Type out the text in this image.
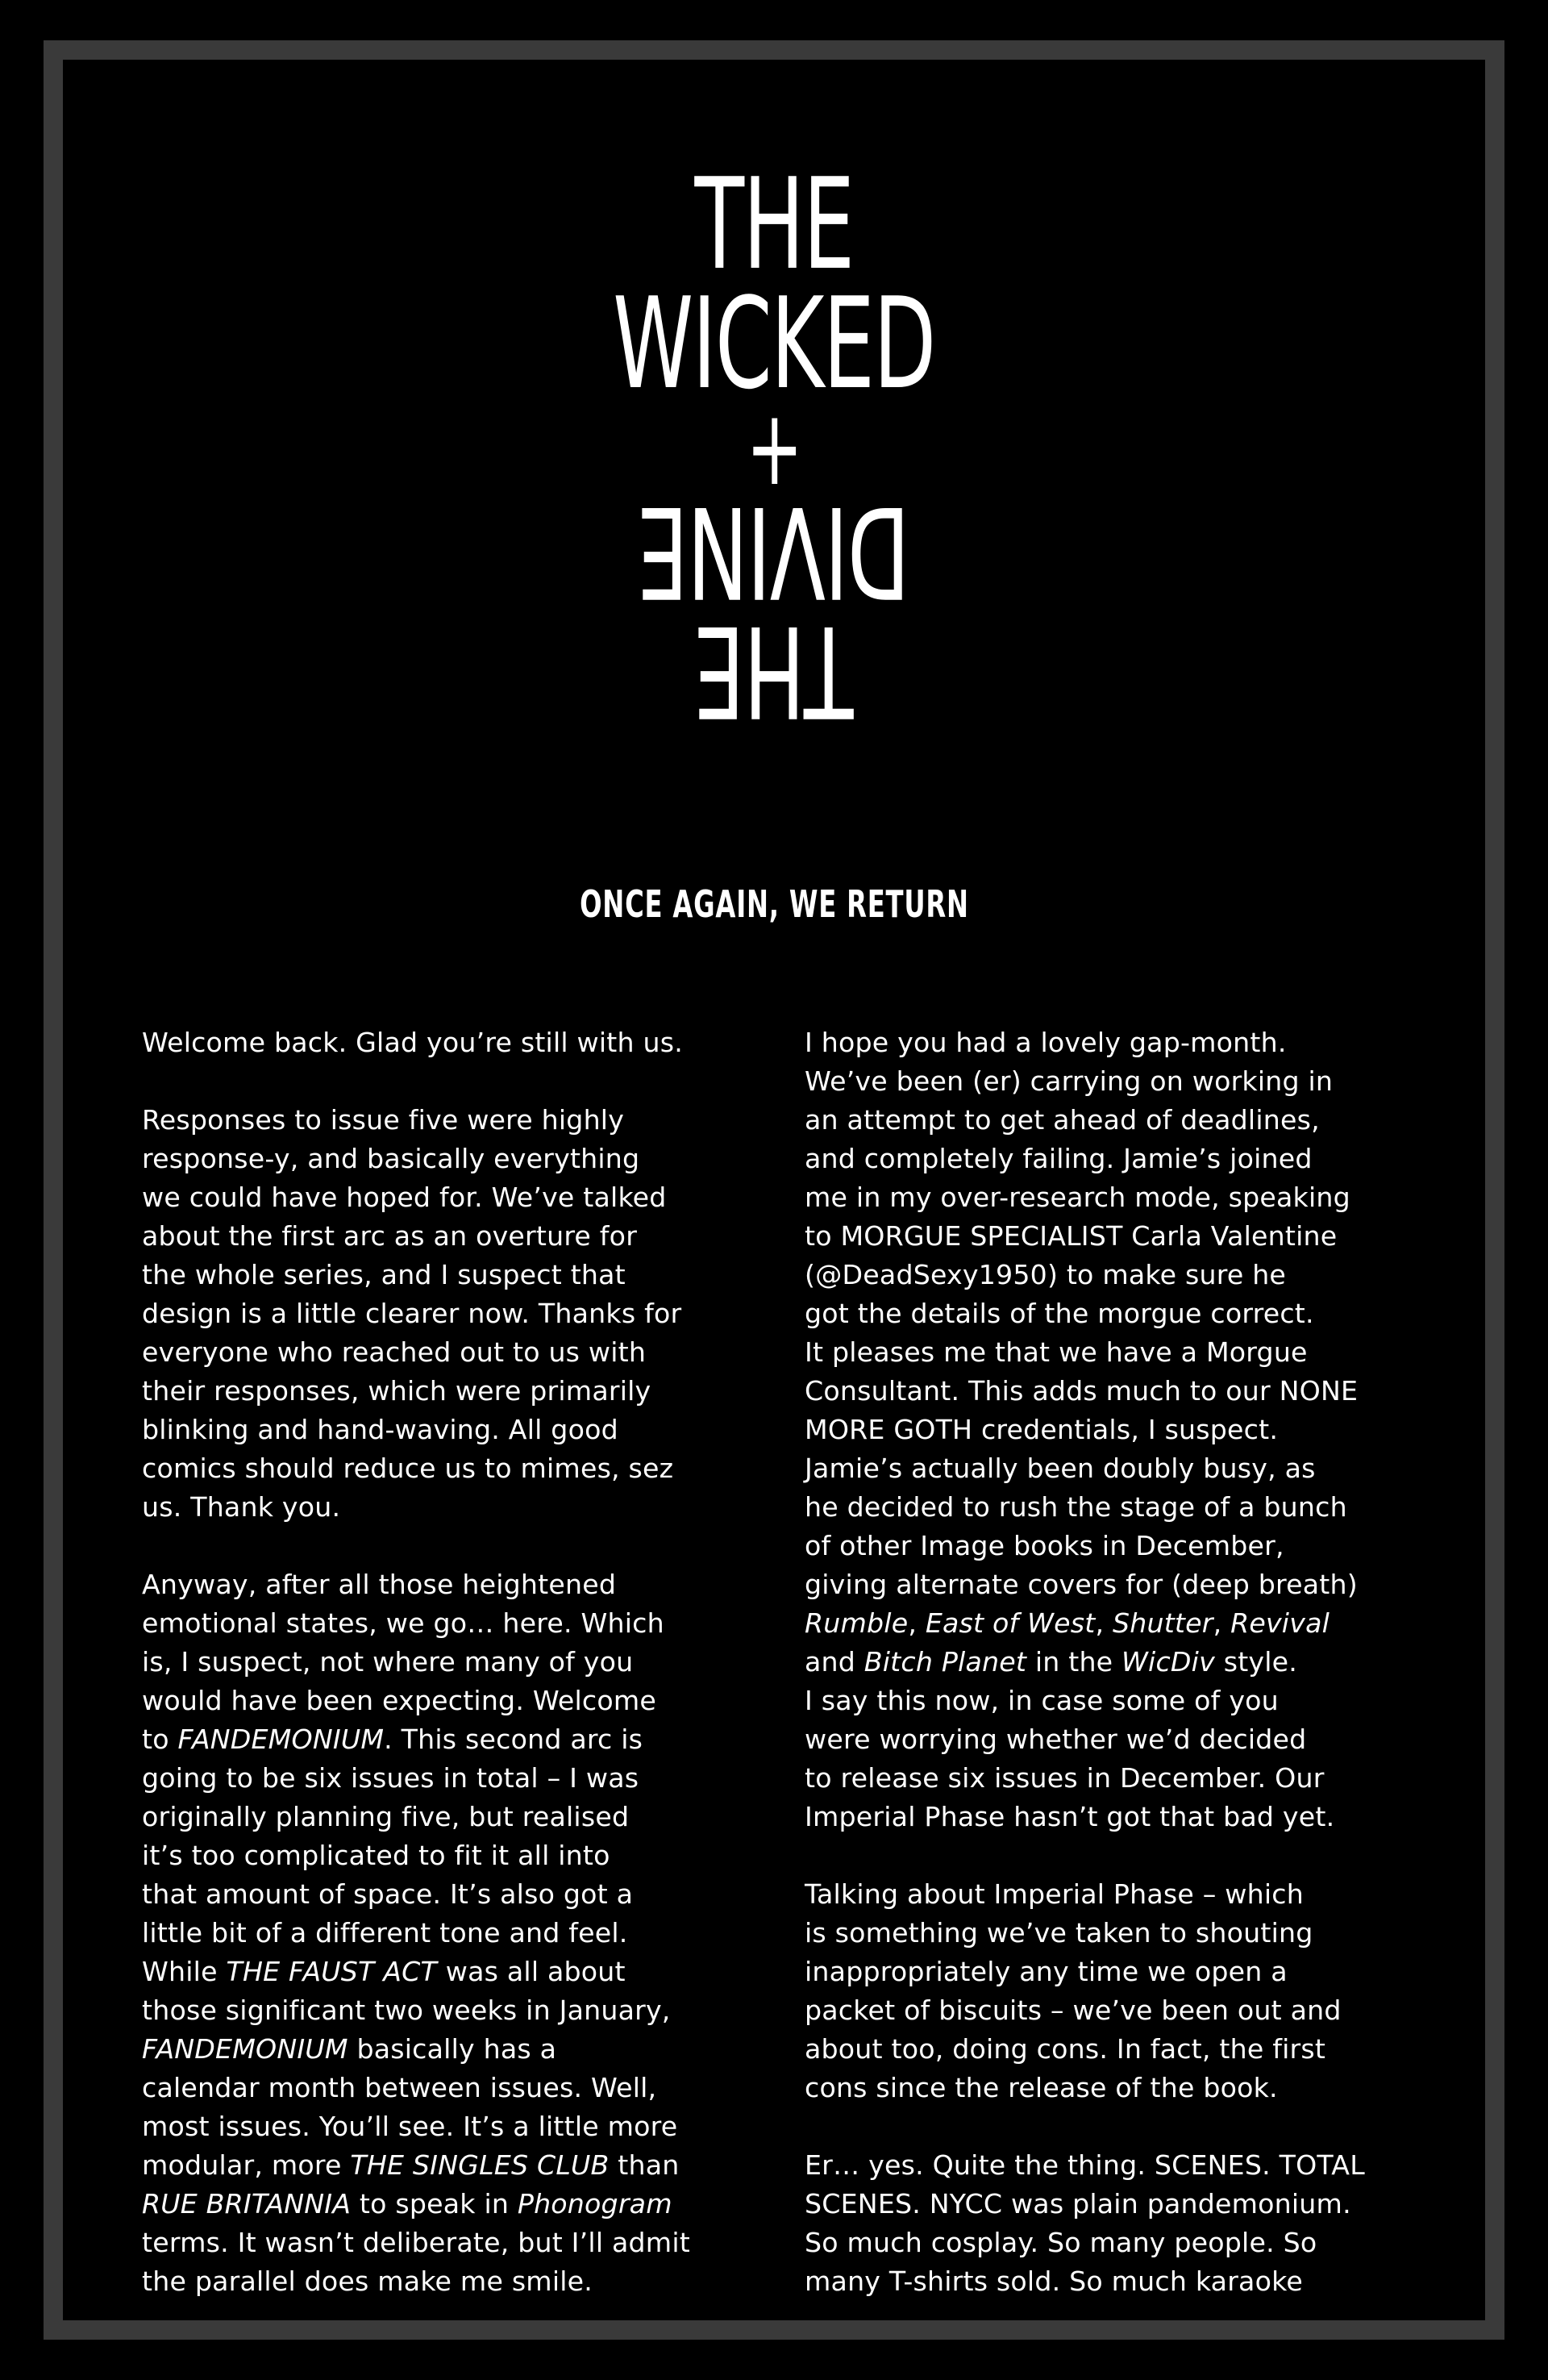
THE
WICKED
+
DIVINE
THE
ONCE AGAIN, WE RETURN

Welcome back. Glad you’re still with us.

Responses to issue five were highly
response-y, and basically everything
we could have hoped for. We’ve talked
about the first arc as an overture for
the whole series, and I suspect that
design is a little clearer now. Thanks for
everyone who reached out to us with
their responses, which were primarily
blinking and hand-waving. All good
comics should reduce us to mimes, sez
us. Thank you.

Anyway, after all those heightened
emotional states, we go… here. Which
is, I suspect, not where many of you
would have been expecting. Welcome
to FANDEMONIUM. This second arc is
going to be six issues in total – I was
originally planning five, but realised
it’s too complicated to fit it all into
that amount of space. It’s also got a
little bit of a different tone and feel.
While THE FAUST ACT was all about
those significant two weeks in January,
FANDEMONIUM basically has a
calendar month between issues. Well,
most issues. You’ll see. It’s a little more
modular, more THE SINGLES CLUB than
RUE BRITANNIA to speak in Phonogram
terms. It wasn’t deliberate, but I’ll admit
the parallel does make me smile.

I hope you had a lovely gap-month.
We’ve been (er) carrying on working in
an attempt to get ahead of deadlines,
and completely failing. Jamie’s joined
me in my over-research mode, speaking
to MORGUE SPECIALIST Carla Valentine
(@DeadSexy1950) to make sure he
got the details of the morgue correct.
It pleases me that we have a Morgue
Consultant. This adds much to our NONE
MORE GOTH credentials, I suspect.
Jamie’s actually been doubly busy, as
he decided to rush the stage of a bunch
of other Image books in December,
giving alternate covers for (deep breath)
Rumble, East of West, Shutter, Revival
and Bitch Planet in the WicDiv style.
I say this now, in case some of you
were worrying whether we’d decided
to release six issues in December. Our
Imperial Phase hasn’t got that bad yet.

Talking about Imperial Phase – which
is something we’ve taken to shouting
inappropriately any time we open a
packet of biscuits – we’ve been out and
about too, doing cons. In fact, the first
cons since the release of the book.

Er… yes. Quite the thing. SCENES. TOTAL
SCENES. NYCC was plain pandemonium.
So much cosplay. So many people. So
many T-shirts sold. So much karaoke
